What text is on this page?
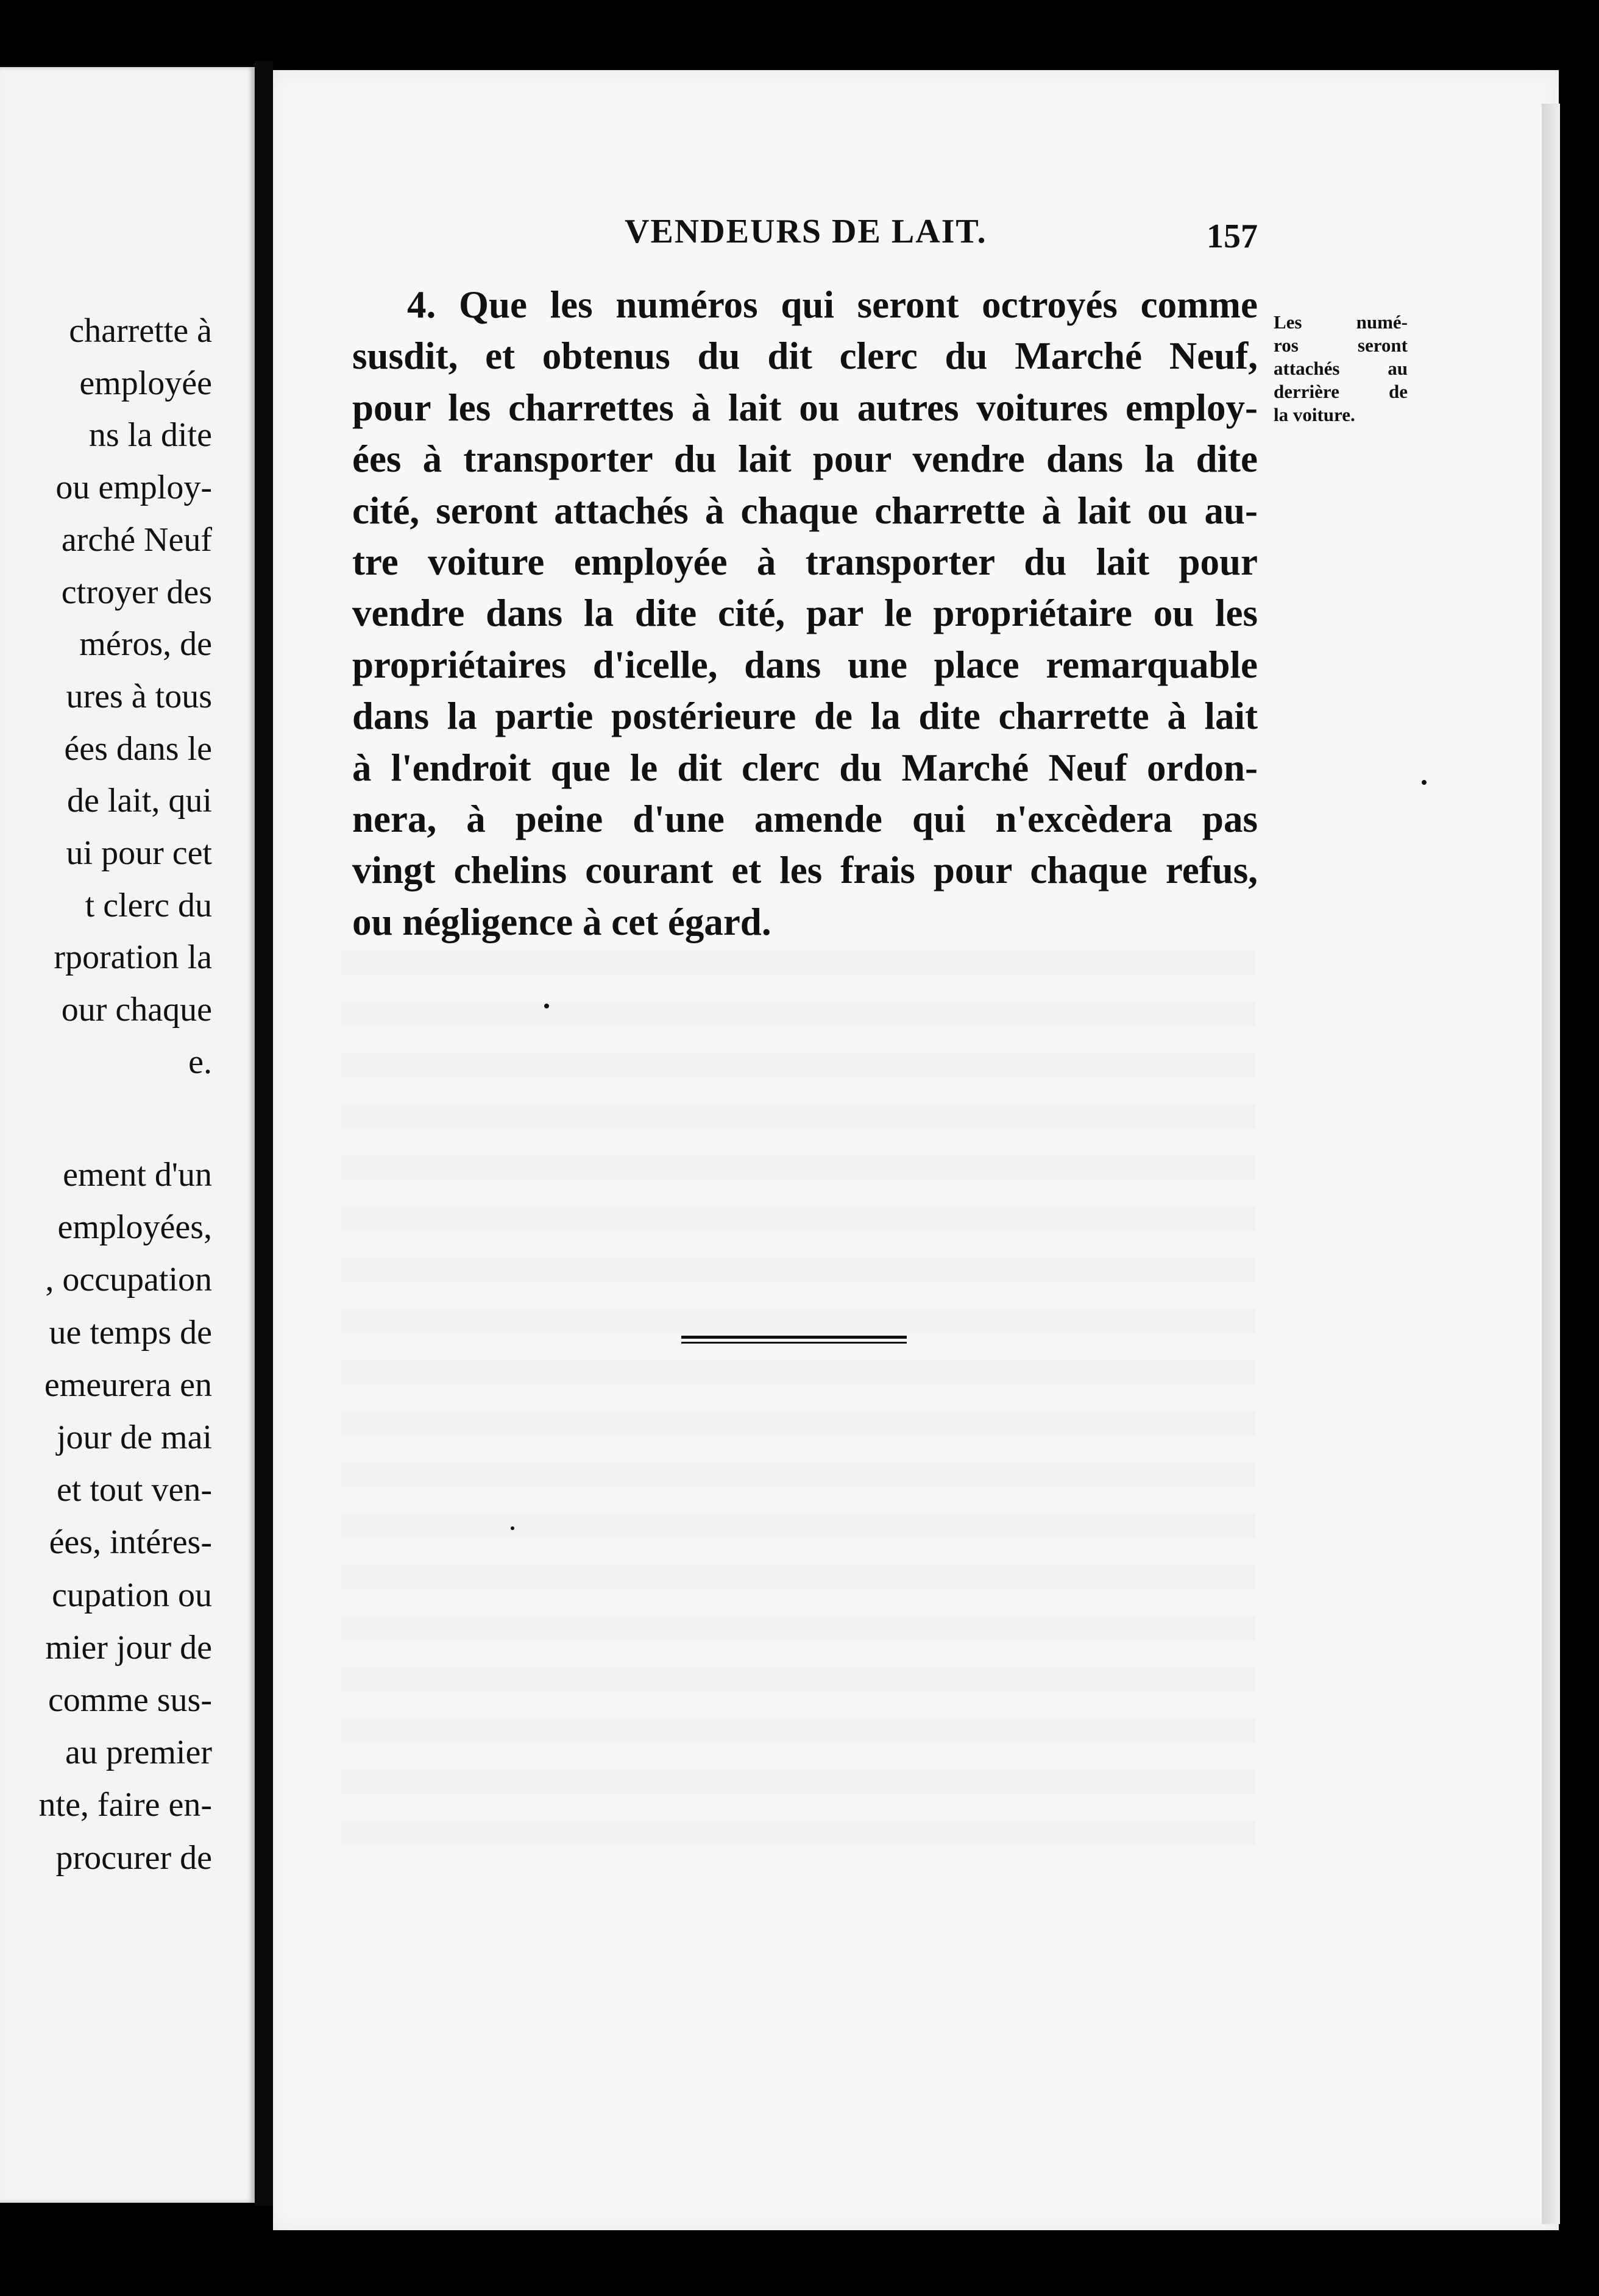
charrette à
employée
ns la dite
ou employ-
arché Neuf
ctroyer des
méros, de
ures à tous
ées dans le
de lait, qui
ui pour cet
t clerc du
rporation la
our chaque
e.
ement d'un
employées,
, occupation
ue temps de
emeurera en
jour de mai
et tout ven-
ées, intéres-
cupation ou
mier jour de
comme sus-
au premier
nte, faire en-
procurer de
VENDEURS DE LAIT.	157
4. Que les numéros qui seront octroyés comme
susdit, et obtenus du dit clerc du Marché Neuf,
pour les charrettes à lait ou autres voitures employ-
ées à transporter du lait pour vendre dans la dite
cité, seront attachés à chaque charrette à lait ou au-
tre voiture employée à transporter du lait pour
vendre dans la dite cité, par le propriétaire ou les
propriétaires d'icelle, dans une place remarquable
dans la partie postérieure de la dite charrette à lait
à l'endroit que le dit clerc du Marché Neuf ordon-
nera, à peine d'une amende qui n'excèdera pas
vingt chelins courant et les frais pour chaque refus,
ou négligence à cet égard.
Les numé-
ros seront
attachés au
derrière de
la voiture.
